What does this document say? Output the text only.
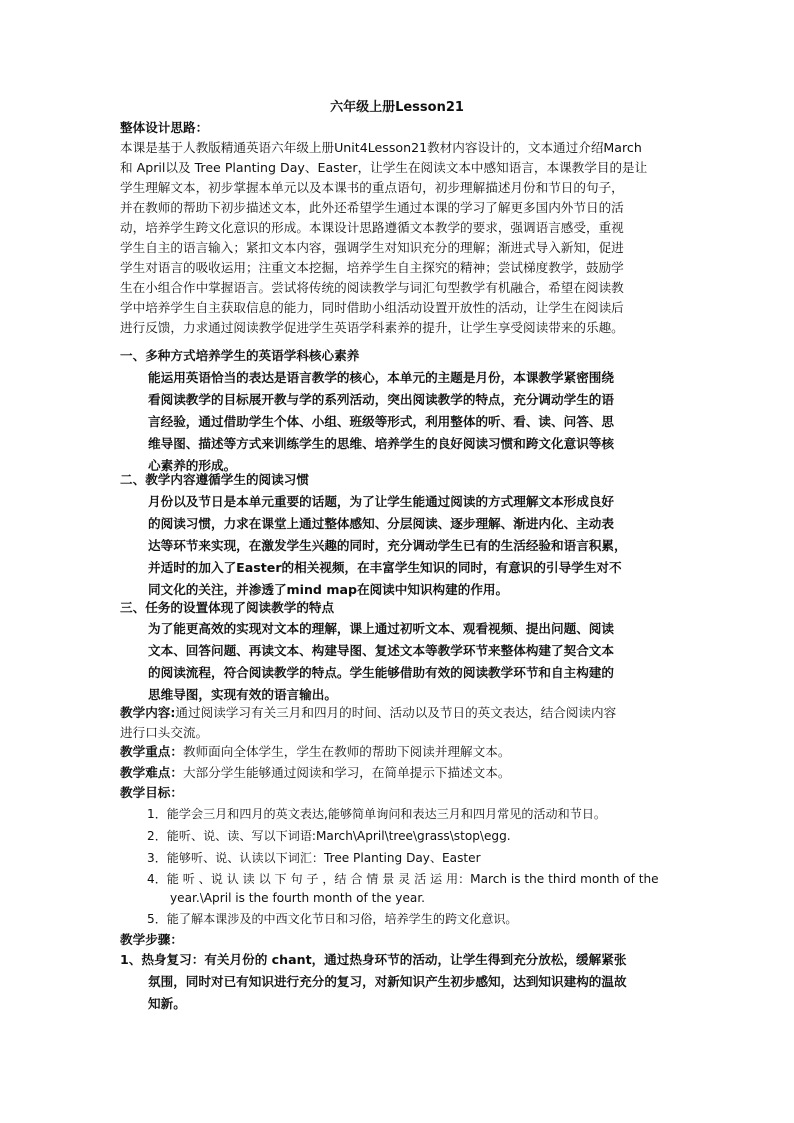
六年级上册Lesson21
整体设计思路：
本课是基于人教版精通英语六年级上册Unit4Lesson21教材内容设计的，文本通过介绍March
和 April以及 Tree Planting Day、Easter，让学生在阅读文本中感知语言，本课教学目的是让
学生理解文本，初步掌握本单元以及本课书的重点语句，初步理解描述月份和节日的句子，
并在教师的帮助下初步描述文本，此外还希望学生通过本课的学习了解更多国内外节日的活
动，培养学生跨文化意识的形成。本课设计思路遵循文本教学的要求，强调语言感受，重视
学生自主的语言输入；紧扣文本内容，强调学生对知识充分的理解；渐进式导入新知，促进
学生对语言的吸收运用；注重文本挖掘，培养学生自主探究的精神；尝试梯度教学，鼓励学
生在小组合作中掌握语言。尝试将传统的阅读教学与词汇句型教学有机融合，希望在阅读教
学中培养学生自主获取信息的能力，同时借助小组活动设置开放性的活动，让学生在阅读后
进行反馈，力求通过阅读教学促进学生英语学科素养的提升，让学生享受阅读带来的乐趣。
一、多种方式培养学生的英语学科核心素养
能运用英语恰当的表达是语言教学的核心，本单元的主题是月份，本课教学紧密围绕
看阅读教学的目标展开教与学的系列活动，突出阅读教学的特点，充分调动学生的语
言经验，通过借助学生个体、小组、班级等形式，利用整体的听、看、读、问答、思
维导图、描述等方式来训练学生的思维、培养学生的良好阅读习惯和跨文化意识等核
心素养的形成。
二、教学内容遵循学生的阅读习惯
月份以及节日是本单元重要的话题，为了让学生能通过阅读的方式理解文本形成良好
的阅读习惯，力求在课堂上通过整体感知、分层阅读、逐步理解、渐进内化、主动表
达等环节来实现，在激发学生兴趣的同时，充分调动学生已有的生活经验和语言积累，
并适时的加入了Easter的相关视频，在丰富学生知识的同时，有意识的引导学生对不
同文化的关注，并渗透了mind map在阅读中知识构建的作用。
三、任务的设置体现了阅读教学的特点
为了能更高效的实现对文本的理解，课上通过初听文本、观看视频、提出问题、阅读
文本、回答问题、再读文本、构建导图、复述文本等教学环节来整体构建了契合文本
的阅读流程，符合阅读教学的特点。学生能够借助有效的阅读教学环节和自主构建的
思维导图，实现有效的语言输出。
教学内容:通过阅读学习有关三月和四月的时间、活动以及节日的英文表达，结合阅读内容
进行口头交流。
教学重点：教师面向全体学生，学生在教师的帮助下阅读并理解文本。
教学难点：大部分学生能够通过阅读和学习，在简单提示下描述文本。
教学目标：
1．能学会三月和四月的英文表达,能够简单询问和表达三月和四月常见的活动和节日。
2．能听、说、读、写以下词语:March\April\tree\grass\stop\egg.
3．能够听、说、认读以下词汇：Tree Planting Day、Easter
4．能 听 、说 认 读 以 下 句 子 ，结 合 情 景 灵 活 运 用：March is the third month of the
year.\April is the fourth month of the year.
5．能了解本课涉及的中西文化节日和习俗，培养学生的跨文化意识。
教学步骤：
1、热身复习：有关月份的 chant，通过热身环节的活动，让学生得到充分放松，缓解紧张
氛围，同时对已有知识进行充分的复习，对新知识产生初步感知，达到知识建构的温故
知新。
